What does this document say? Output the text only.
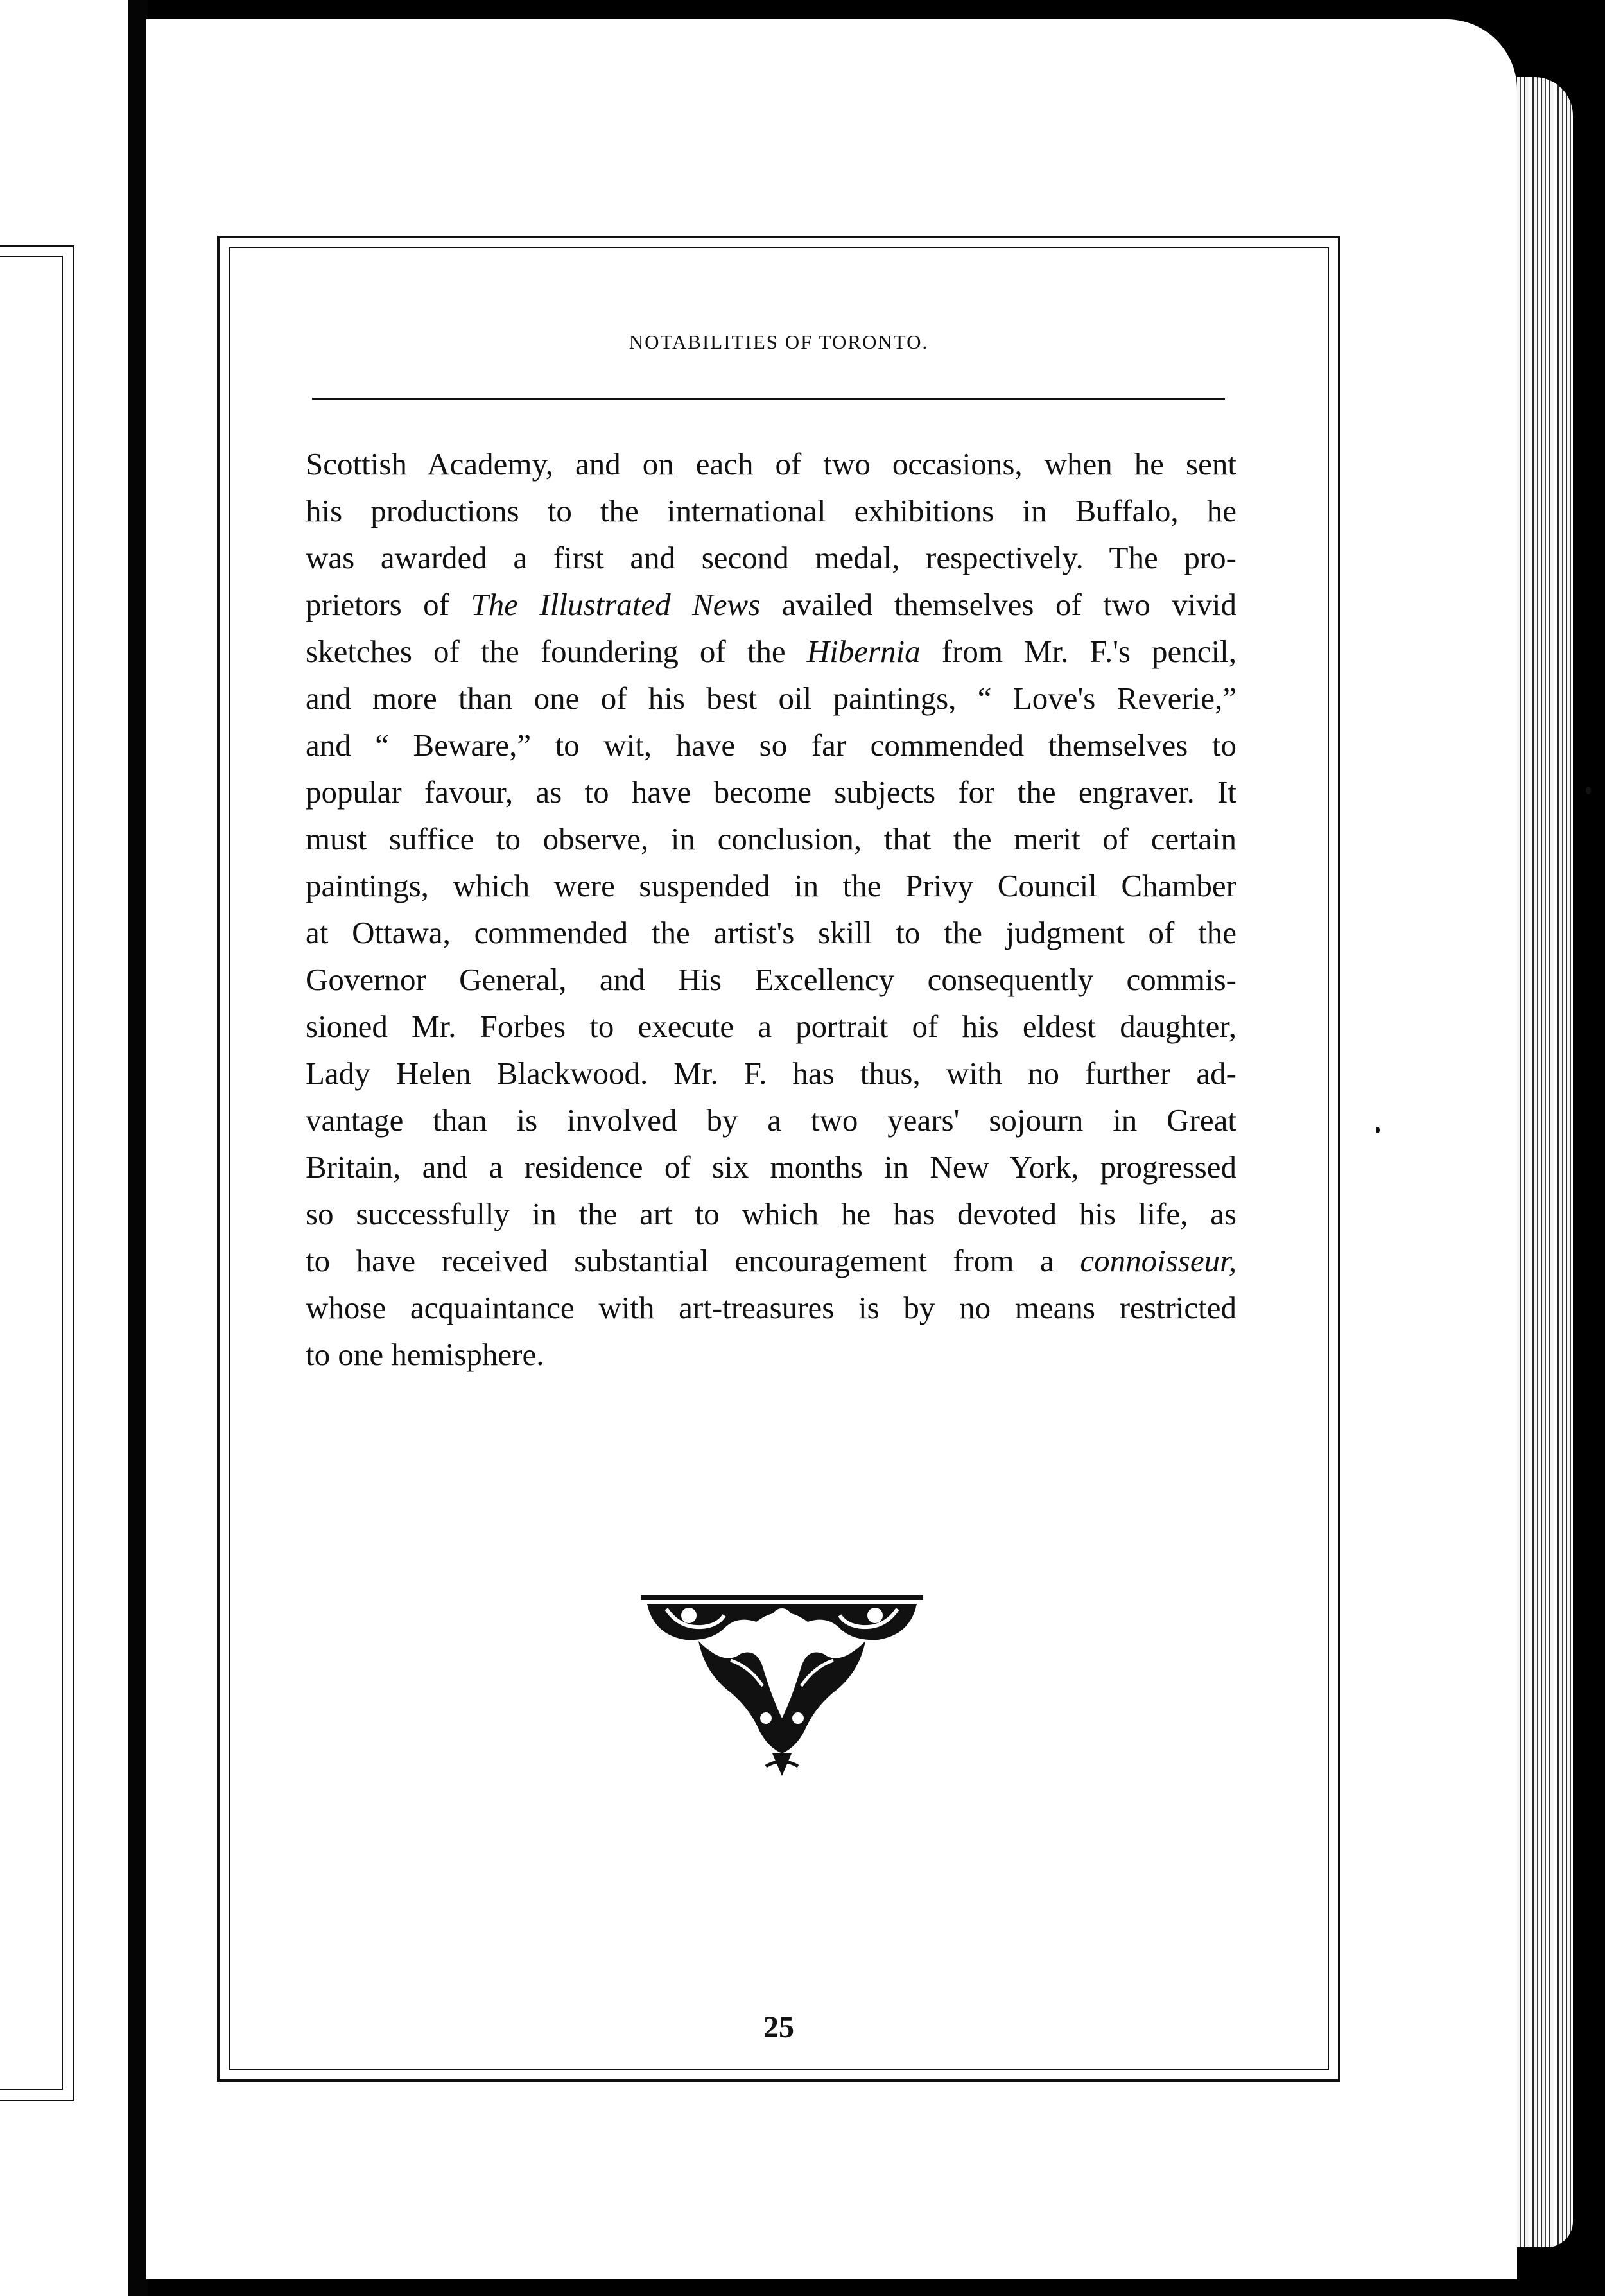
NOTABILITIES OF TORONTO.
Scottish Academy, and on each of two occasions, when he sent
his productions to the international exhibitions in Buffalo, he
was awarded a first and second medal, respectively. The pro-
prietors of The Illustrated News availed themselves of two vivid
sketches of the foundering of the Hibernia from Mr. F.'s pencil,
and more than one of his best oil paintings, “ Love's Reverie,”
and “ Beware,” to wit, have so far commended themselves to
popular favour, as to have become subjects for the engraver. It
must suffice to observe, in conclusion, that the merit of certain
paintings, which were suspended in the Privy Council Chamber
at Ottawa, commended the artist's skill to the judgment of the
Governor General, and His Excellency consequently commis-
sioned Mr. Forbes to execute a portrait of his eldest daughter,
Lady Helen Blackwood. Mr. F. has thus, with no further ad-
vantage than is involved by a two years' sojourn in Great
Britain, and a residence of six months in New York, progressed
so successfully in the art to which he has devoted his life, as
to have received substantial encouragement from a connoisseur,
whose acquaintance with art-treasures is by no means restricted
to one hemisphere.
25
